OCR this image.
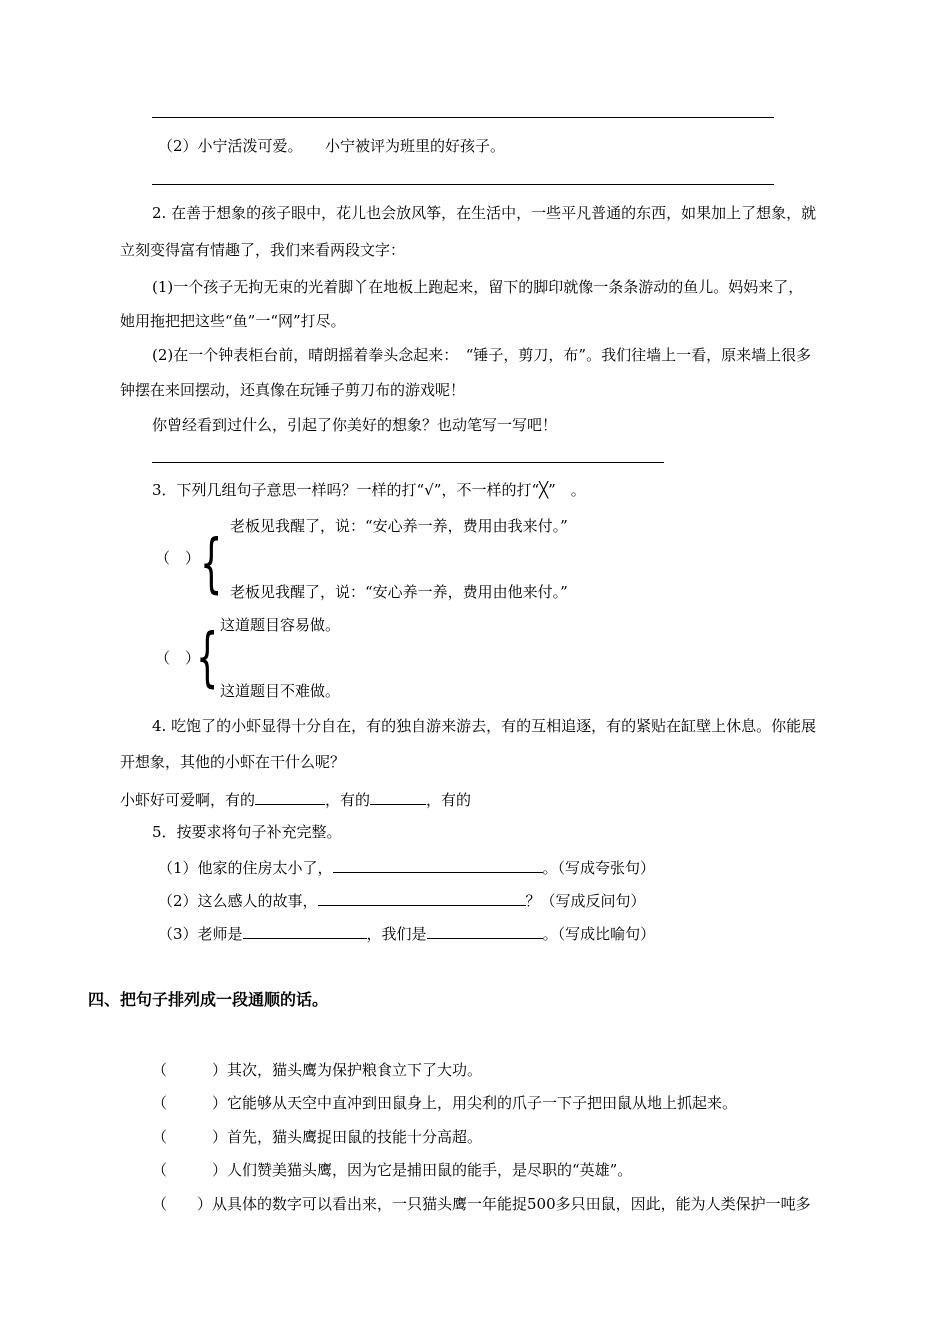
（2）小宁活泼可爱。　　小宁被评为班里的好孩子。
2. 在善于想象的孩子眼中，花儿也会放风筝，在生活中，一些平凡普通的东西，如果加上了想象，就
立刻变得富有情趣了，我们来看两段文字：
(1)一个孩子无拘无束的光着脚丫在地板上跑起来，留下的脚印就像一条条游动的鱼儿。妈妈来了，
她用拖把把这些“鱼”一“网”打尽。
(2)在一个钟表柜台前，晴朗摇着拳头念起来：　“锤子，剪刀，布”。我们往墙上一看，原来墙上很多
钟摆在来回摆动，还真像在玩锤子剪刀布的游戏呢！
你曾经看到过什么，引起了你美好的想象？也动笔写一写吧！
3．下列几组句子意思一样吗？一样的打“√”，不一样的打“╳”　。
老板见我醒了，说：“安心养一养，费用由我来付。”
（　） { 老板见我醒了，说：“安心养一养，费用由他来付。”
这道题目容易做。
（　）
{ 这道题目不难做。
4. 吃饱了的小虾显得十分自在，有的独自游来游去，有的互相追逐，有的紧贴在缸壁上休息。你能展
开想象，其他的小虾在干什么呢？
小虾好可爱啊，有的	，有的	，有的
5．按要求将句子补充完整。
（1）他家的住房太小了，	。（写成夸张句）
（2）这么感人的故事，	？（写成反问句）
（3）老师是	，我们是	。（写成比喻句）
四、把句子排列成一段通顺的话。
（　　　）其次，猫头鹰为保护粮食立下了大功。
（　　　）它能够从天空中直冲到田鼠身上，用尖利的爪子一下子把田鼠从地上抓起来。
（　　　）首先，猫头鹰捉田鼠的技能十分高超。
（　　　）人们赞美猫头鹰，因为它是捕田鼠的能手，是尽职的“英雄”。
（　　）从具体的数字可以看出来，一只猫头鹰一年能捉500多只田鼠，因此，能为人类保护一吨多
